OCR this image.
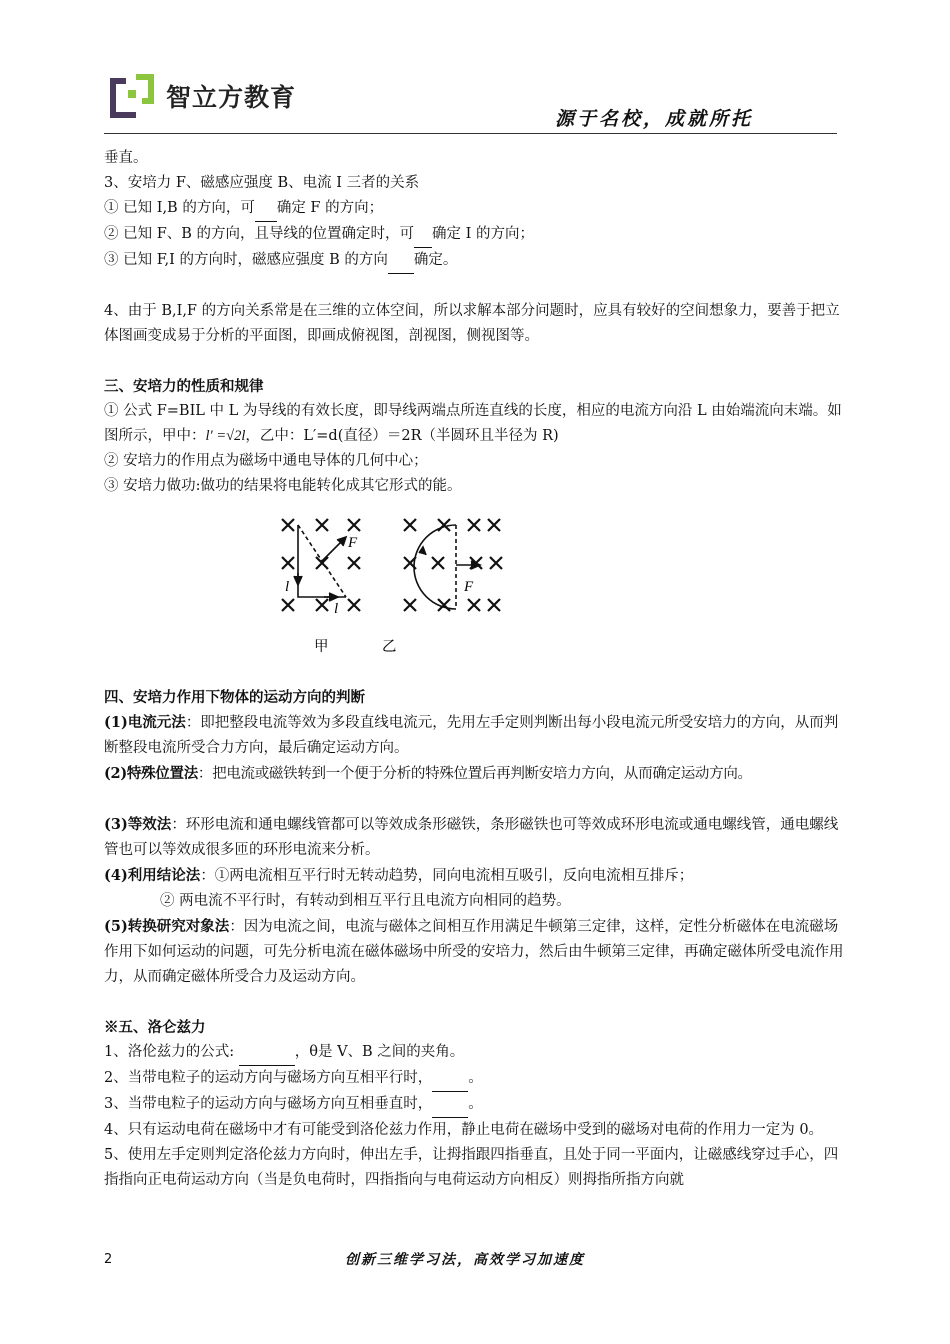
智立方教育
源于名校，成就所托

垂直。

3、安培力 F、磁感应强度 B、电流 I 三者的关系

① 已知 I,B 的方向，可 确定 F 的方向；

② 已知 F、B 的方向，且导线的位置确定时，可 确定 I 的方向；

③ 已知 F,I 的方向时，磁感应强度 B 的方向 确定。

4、由于 B,I,F 的方向关系常是在三维的立体空间，所以求解本部分问题时，应具有较好的空间想象力，要善于把立体图画变成易于分析的平面图，即画成俯视图，剖视图，侧视图等。

三、安培力的性质和规律

① 公式 F=BIL 中 L 为导线的有效长度，即导线两端点所连直线的长度，相应的电流方向沿 L 由始端流向末端。如图所示，甲中：l′ =√2l，乙中：L′=d(直径）＝2R（半圆环且半径为 R)

② 安培力的作用点为磁场中通电导体的几何中心；

③ 安培力做功:做功的结果将电能转化成其它形式的能。

F
l
l
F
甲	乙
四、安培力作用下物体的运动方向的判断

(1)电流元法：即把整段电流等效为多段直线电流元，先用左手定则判断出每小段电流元所受安培力的方向，从而判断整段电流所受合力方向，最后确定运动方向。

(2)特殊位置法：把电流或磁铁转到一个便于分析的特殊位置后再判断安培力方向，从而确定运动方向。

(3)等效法：环形电流和通电螺线管都可以等效成条形磁铁，条形磁铁也可等效成环形电流或通电螺线管，通电螺线管也可以等效成很多匝的环形电流来分析。

(4)利用结论法：①两电流相互平行时无转动趋势，同向电流相互吸引，反向电流相互排斥；

② 两电流不平行时，有转动到相互平行且电流方向相同的趋势。

(5)转换研究对象法：因为电流之间，电流与磁体之间相互作用满足牛顿第三定律，这样，定性分析磁体在电流磁场作用下如何运动的问题，可先分析电流在磁体磁场中所受的安培力，然后由牛顿第三定律，再确定磁体所受电流作用力，从而确定磁体所受合力及运动方向。

※五、洛仑兹力

1、洛伦兹力的公式:	，θ是 V、B 之间的夹角。

2、当带电粒子的运动方向与磁场方向互相平行时， 。

3、当带电粒子的运动方向与磁场方向互相垂直时， 。

4、只有运动电荷在磁场中才有可能受到洛伦兹力作用，静止电荷在磁场中受到的磁场对电荷的作用力一定为 0。

5、使用左手定则判定洛伦兹力方向时，伸出左手，让拇指跟四指垂直，且处于同一平面内，让磁感线穿过手心，四指指向正电荷运动方向（当是负电荷时，四指指向与电荷运动方向相反）则拇指所指方向就

2	创新三维学习法，高效学习加速度
